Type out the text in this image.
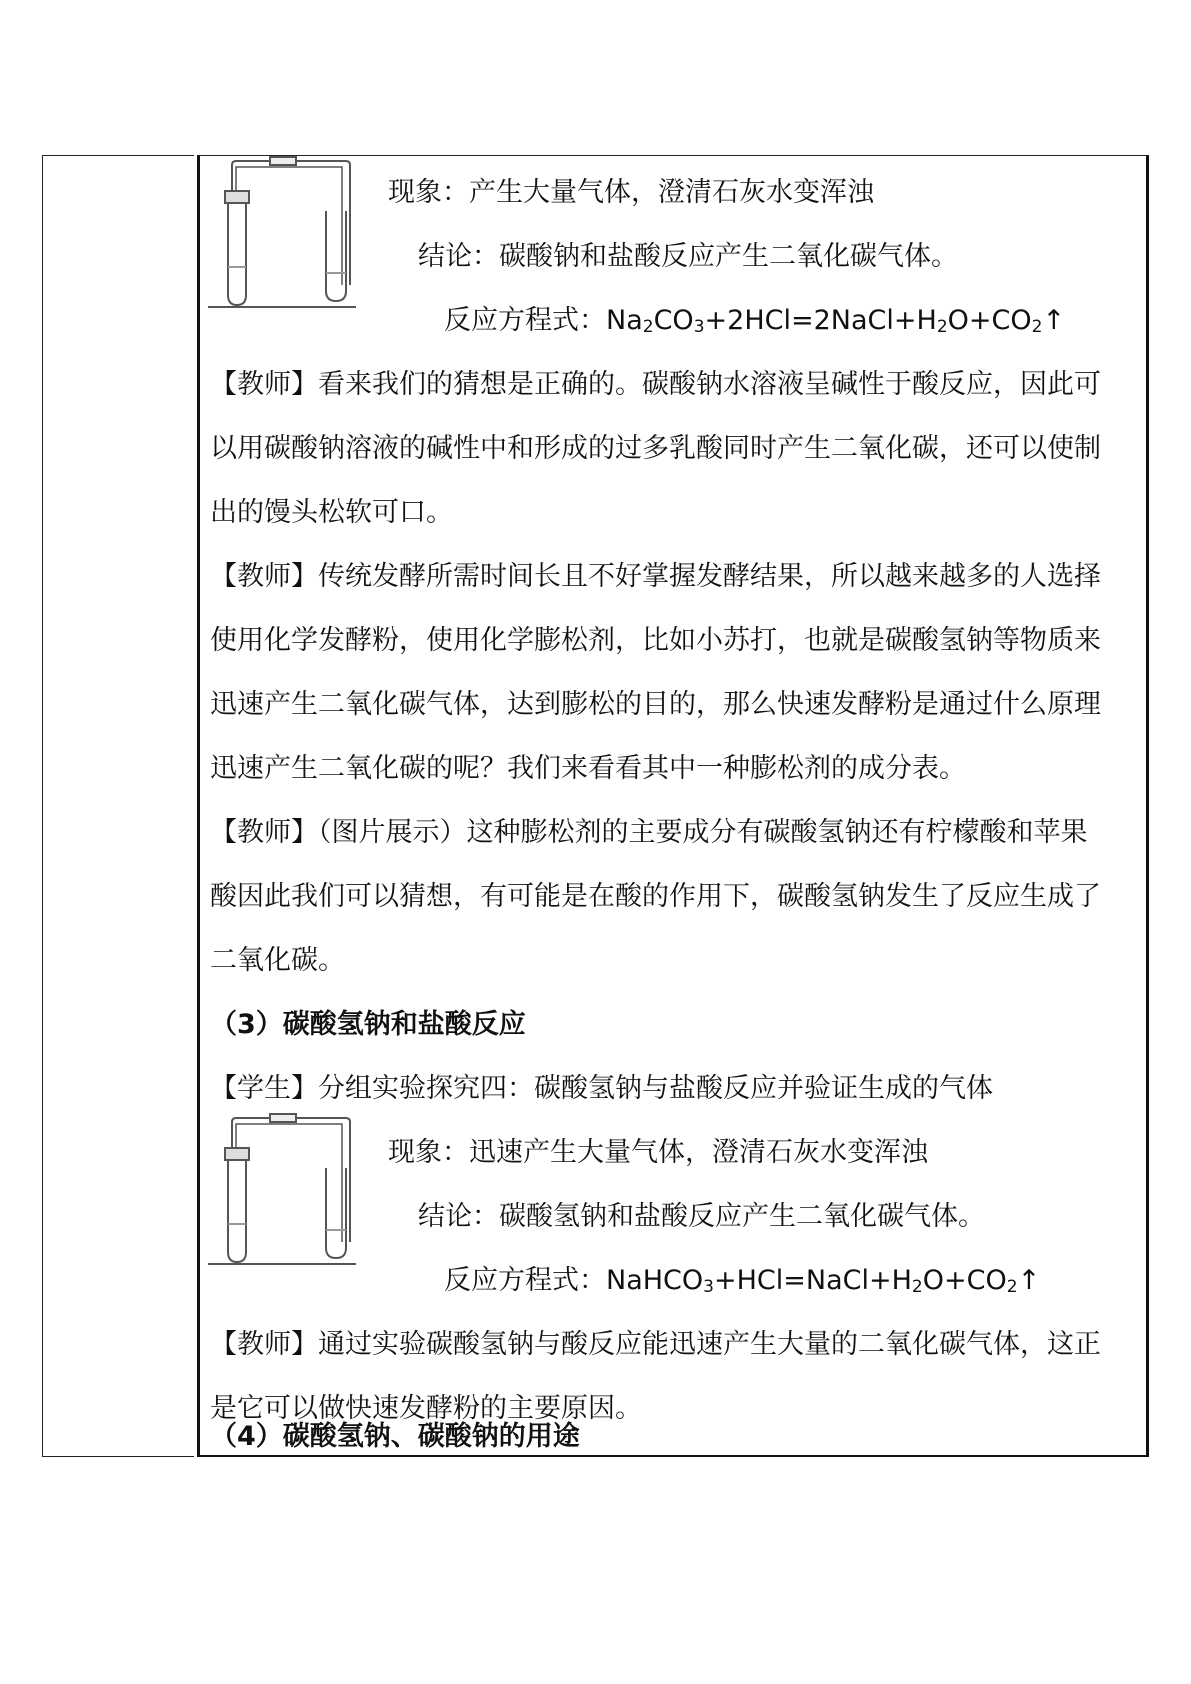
现象：产生大量气体，澄清石灰水变浑浊
结论：碳酸钠和盐酸反应产生二氧化碳气体。
反应方程式：$Na_2CO_3+2HCl=2NaCl+H_2O+CO_2↑$
【教师】看来我们的猜想是正确的。碳酸钠水溶液呈碱性于酸反应，因此可
以用碳酸钠溶液的碱性中和形成的过多乳酸同时产生二氧化碳，还可以使制
出的馒头松软可口。
【教师】传统发酵所需时间长且不好掌握发酵结果，所以越来越多的人选择
使用化学发酵粉，使用化学膨松剂，比如小苏打，也就是碳酸氢钠等物质来
迅速产生二氧化碳气体，达到膨松的目的，那么快速发酵粉是通过什么原理
迅速产生二氧化碳的呢？我们来看看其中一种膨松剂的成分表。
【教师】（图片展示）这种膨松剂的主要成分有碳酸氢钠还有柠檬酸和苹果
酸因此我们可以猜想，有可能是在酸的作用下，碳酸氢钠发生了反应生成了
二氧化碳。
（3）碳酸氢钠和盐酸反应
【学生】分组实验探究四：碳酸氢钠与盐酸反应并验证生成的气体
现象：迅速产生大量气体，澄清石灰水变浑浊
结论：碳酸氢钠和盐酸反应产生二氧化碳气体。
反应方程式：$NaHCO_3+HCl=NaCl+H_2O+CO_2↑$
【教师】通过实验碳酸氢钠与酸反应能迅速产生大量的二氧化碳气体，这正
是它可以做快速发酵粉的主要原因。
（4）碳酸氢钠、碳酸钠的用途
